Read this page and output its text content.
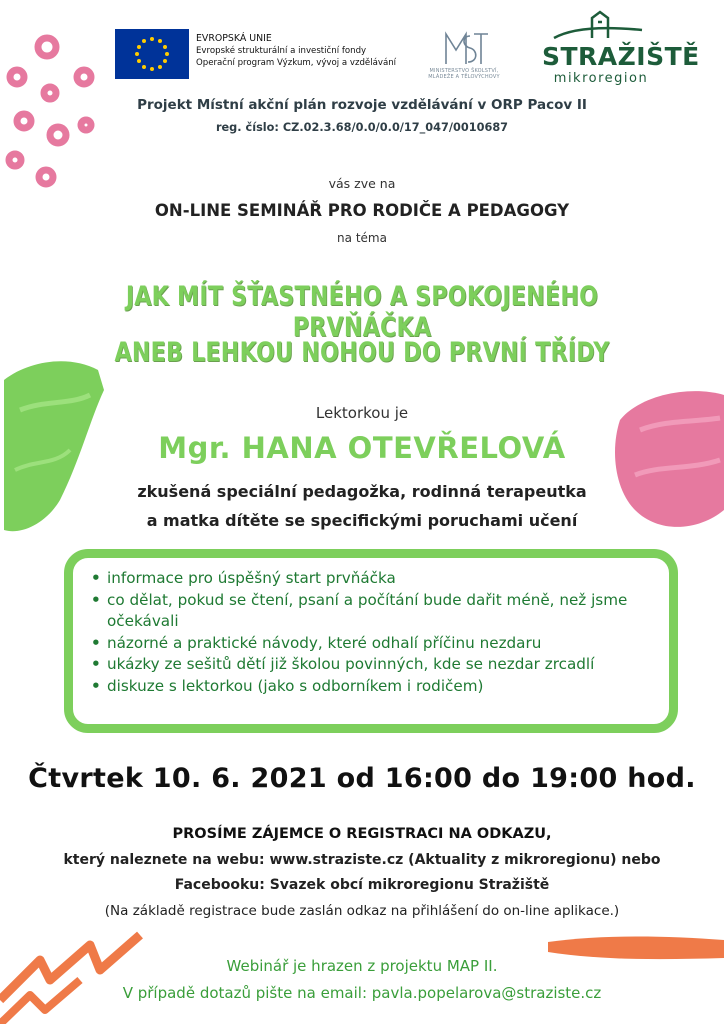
EVROPSKÁ UNIE
Evropské strukturální a investiční fondy
Operační program Výzkum, vývoj a vzdělávání
MINISTERSTVO ŠKOLSTVÍ,
MLÁDEŽE A TĚLOVÝCHOVY
STRAŽIŠTĚ
mikroregion
Projekt Místní akční plán rozvoje vzdělávání v ORP Pacov II
reg. číslo: CZ.02.3.68/0.0/0.0/17_047/0010687
vás zve na
ON-LINE SEMINÁŘ PRO RODIČE A PEDAGOGY
na téma
JAK MÍT ŠŤASTNÉHO A SPOKOJENÉHO PRVŇÁČKA
ANEB LEHKOU NOHOU DO PRVNÍ TŘÍDY
Lektorkou je
Mgr. HANA OTEVŘELOVÁ
zkušená speciální pedagožka, rodinná terapeutka
a matka dítěte se specifickými poruchami učení
• informace pro úspěšný start prvňáčka
• co dělat, pokud se čtení, psaní a počítání bude dařit méně, než jsme očekávali
• názorné a praktické návody, které odhalí příčinu nezdaru
• ukázky ze sešitů dětí již školou povinných, kde se nezdar zrcadlí
• diskuze s lektorkou (jako s odborníkem i rodičem)
Čtvrtek 10. 6. 2021 od 16:00 do 19:00 hod.
PROSÍME ZÁJEMCE O REGISTRACI NA ODKAZU,
který naleznete na webu: www.straziste.cz (Aktuality z mikroregionu) nebo
Facebooku: Svazek obcí mikroregionu Stražiště
(Na základě registrace bude zaslán odkaz na přihlášení do on-line aplikace.)
Webinář je hrazen z projektu MAP II.
V případě dotazů pište na email: pavla.popelarova@straziste.cz
